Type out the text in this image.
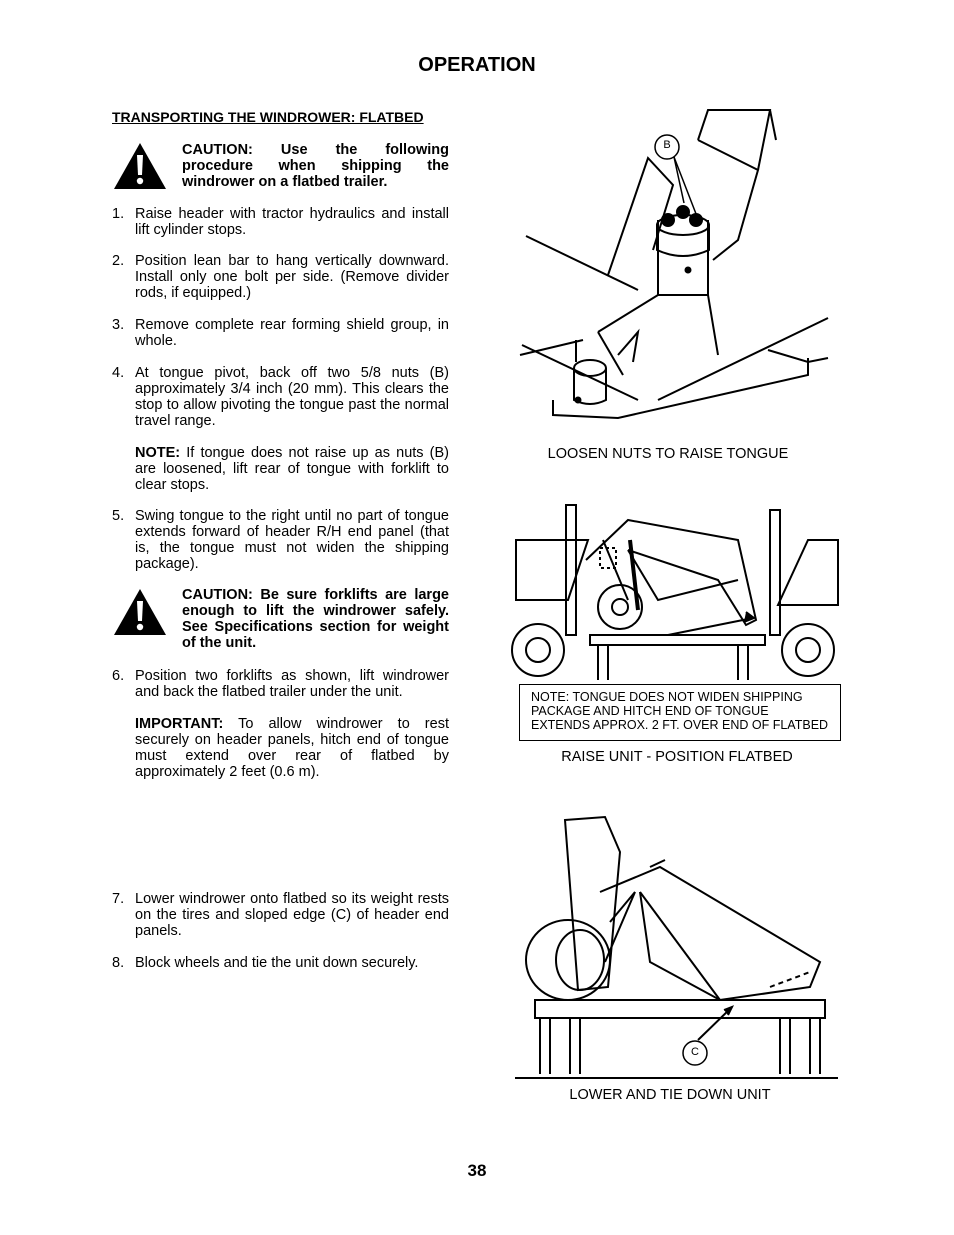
OPERATION
TRANSPORTING THE WINDROWER: FLATBED
CAUTION: Use the following
procedure when shipping the
windrower on a flatbed trailer.
1. Raise header with tractor hydraulics and install lift cylinder stops.
2. Position lean bar to hang vertically downward. Install only one bolt per side. (Remove divider rods, if equipped.)
3. Remove complete rear forming shield group, in whole.
4. At tongue pivot, back off two 5/8 nuts (B) approximately 3/4 inch (20 mm). This clears the stop to allow pivoting the tongue past the normal travel range.
NOTE: If tongue does not raise up as nuts (B) are loosened, lift rear of tongue with forklift to clear stops.
5. Swing tongue to the right until no part of tongue extends forward of header R/H end panel (that is, the tongue must not widen the shipping package).
CAUTION: Be sure forklifts are large enough to lift the windrower safely. See Specifications section for weight of the unit.
6. Position two forklifts as shown, lift windrower and back the flatbed trailer under the unit.
IMPORTANT: To allow windrower to rest securely on header panels, hitch end of tongue must extend over rear of flatbed by approximately 2 feet (0.6 m).
7. Lower windrower onto flatbed so its weight rests on the tires and sloped edge (C) of header end panels.
8. Block wheels and tie the unit down securely.
B
LOOSEN NUTS TO RAISE TONGUE
NOTE: TONGUE DOES NOT WIDEN SHIPPING
PACKAGE AND HITCH END OF TONGUE
EXTENDS APPROX. 2 FT. OVER END OF FLATBED
RAISE UNIT - POSITION FLATBED
C
LOWER AND TIE DOWN UNIT
38
